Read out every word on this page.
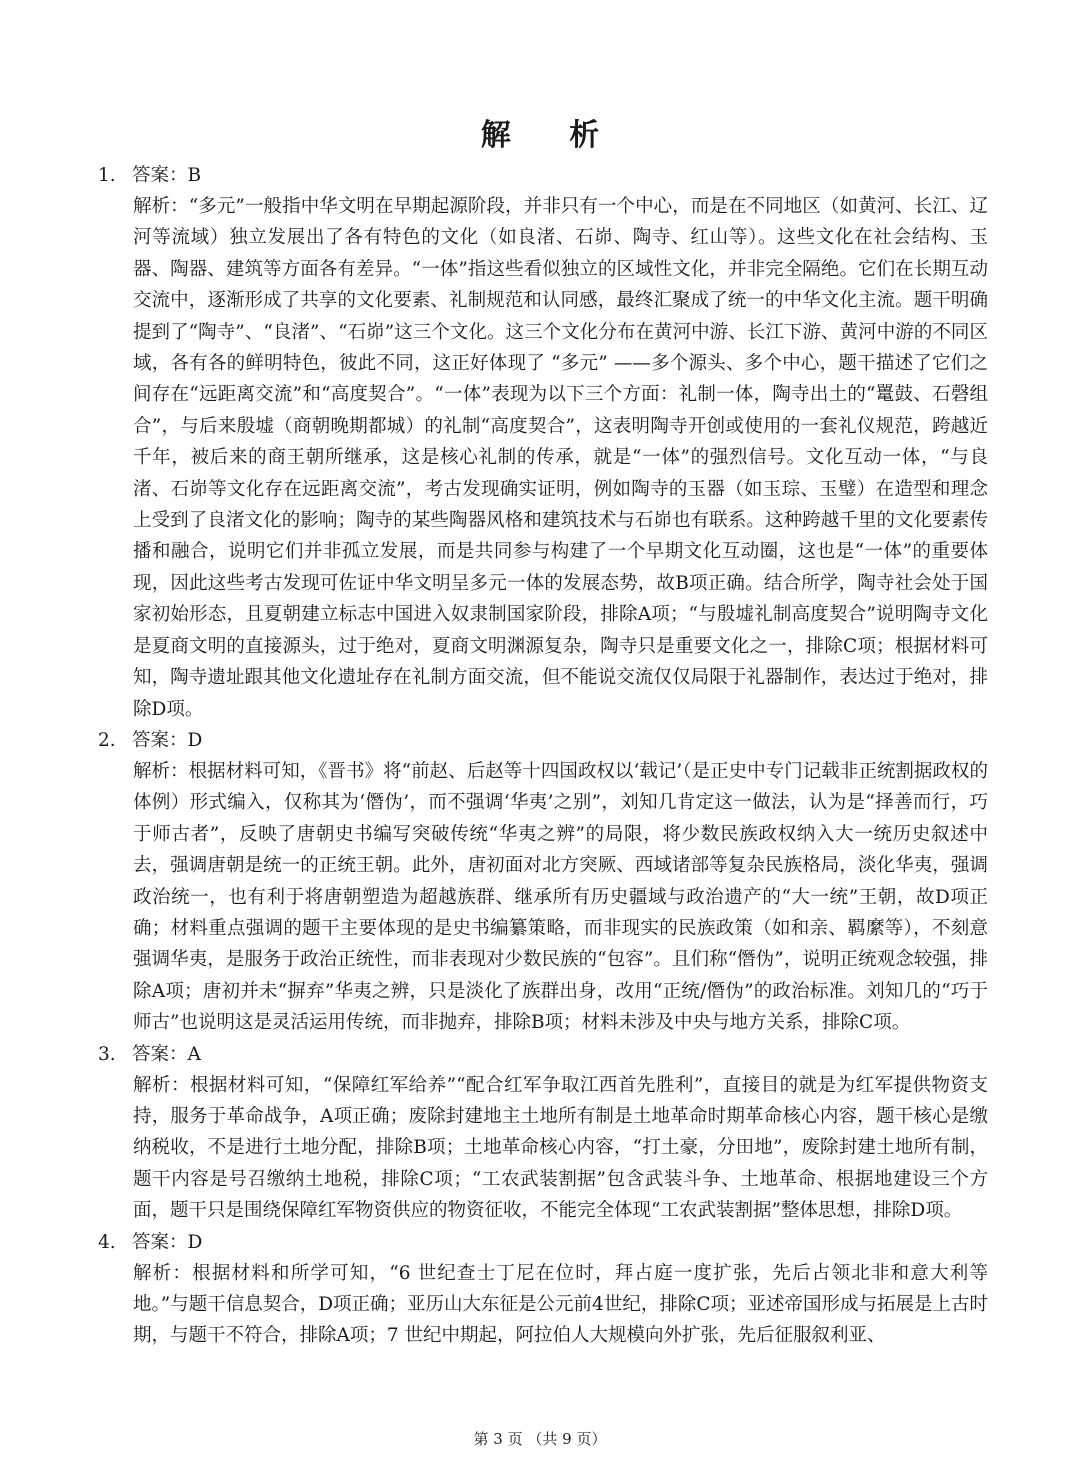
解 析
1. 答案：B
解析：“多元”一般指中华文明在早期起源阶段，并非只有一个中心，而是在不同地区（如黄河、长江、辽河等流域）独立发展出了各有特色的文化（如良渚、石峁、陶寺、红山等）。这些文化在社会结构、玉器、陶器、建筑等方面各有差异。“一体”指这些看似独立的区域性文化，并非完全隔绝。它们在长期互动交流中，逐渐形成了共享的文化要素、礼制规范和认同感，最终汇聚成了统一的中华文化主流。题干明确提到了“陶寺”、“良渚”、“石峁”这三个文化。这三个文化分布在黄河中游、长江下游、黄河中游的不同区域，各有各的鲜明特色，彼此不同，这正好体现了 “多元” ——多个源头、多个中心，题干描述了它们之间存在“远距离交流”和“高度契合”。“一体”表现为以下三个方面：礼制一体，陶寺出土的“鼍鼓、石磬组合”，与后来殷墟（商朝晚期都城）的礼制“高度契合”，这表明陶寺开创或使用的一套礼仪规范，跨越近千年，被后来的商王朝所继承，这是核心礼制的传承，就是“一体”的强烈信号。文化互动一体，“与良渚、石峁等文化存在远距离交流”，考古发现确实证明，例如陶寺的玉器（如玉琮、玉璧）在造型和理念上受到了良渚文化的影响；陶寺的某些陶器风格和建筑技术与石峁也有联系。这种跨越千里的文化要素传播和融合，说明它们并非孤立发展，而是共同参与构建了一个早期文化互动圈，这也是“一体”的重要体现，因此这些考古发现可佐证中华文明呈多元一体的发展态势，故B项正确。结合所学，陶寺社会处于国家初始形态，且夏朝建立标志中国进入奴隶制国家阶段，排除A项；“与殷墟礼制高度契合”说明陶寺文化是夏商文明的直接源头，过于绝对，夏商文明渊源复杂，陶寺只是重要文化之一，排除C项；根据材料可知，陶寺遗址跟其他文化遗址存在礼制方面交流，但不能说交流仅仅局限于礼器制作，表达过于绝对，排除D项。
2. 答案：D
解析：根据材料可知，《晋书》将“前赵、后赵等十四国政权以‘载记’（是正史中专门记载非正统割据政权的体例）形式编入，仅称其为‘僭伪’，而不强调‘华夷’之别”，刘知几肯定这一做法，认为是“择善而行，巧于师古者”，反映了唐朝史书编写突破传统“华夷之辨”的局限，将少数民族政权纳入大一统历史叙述中去，强调唐朝是统一的正统王朝。此外，唐初面对北方突厥、西域诸部等复杂民族格局，淡化华夷，强调政治统一，也有利于将唐朝塑造为超越族群、继承所有历史疆域与政治遗产的“大一统”王朝，故D项正确；材料重点强调的题干主要体现的是史书编纂策略，而非现实的民族政策（如和亲、羁縻等），不刻意强调华夷，是服务于政治正统性，而非表现对少数民族的“包容”。且们称“僭伪”，说明正统观念较强，排除A项；唐初并未“摒弃”华夷之辨，只是淡化了族群出身，改用“正统/僭伪”的政治标准。刘知几的“巧于师古”也说明这是灵活运用传统，而非抛弃，排除B项；材料未涉及中央与地方关系，排除C项。
3. 答案：A
解析：根据材料可知，“保障红军给养”“配合红军争取江西首先胜利”，直接目的就是为红军提供物资支持，服务于革命战争，A项正确；废除封建地主土地所有制是土地革命时期革命核心内容，题干核心是缴纳税收，不是进行土地分配，排除B项；土地革命核心内容，“打土豪，分田地”，废除封建土地所有制，题干内容是号召缴纳土地税，排除C项；“工农武装割据”包含武装斗争、土地革命、根据地建设三个方面，题干只是围绕保障红军物资供应的物资征收，不能完全体现“工农武装割据”整体思想，排除D项。
4. 答案：D
解析：根据材料和所学可知，“6 世纪查士丁尼在位时，拜占庭一度扩张，先后占领北非和意大利等地。”与题干信息契合，D项正确；亚历山大东征是公元前4世纪，排除C项；亚述帝国形成与拓展是上古时期，与题干不符合，排除A项；7 世纪中期起，阿拉伯人大规模向外扩张，先后征服叙利亚、
第 3 页 （共 9 页）
